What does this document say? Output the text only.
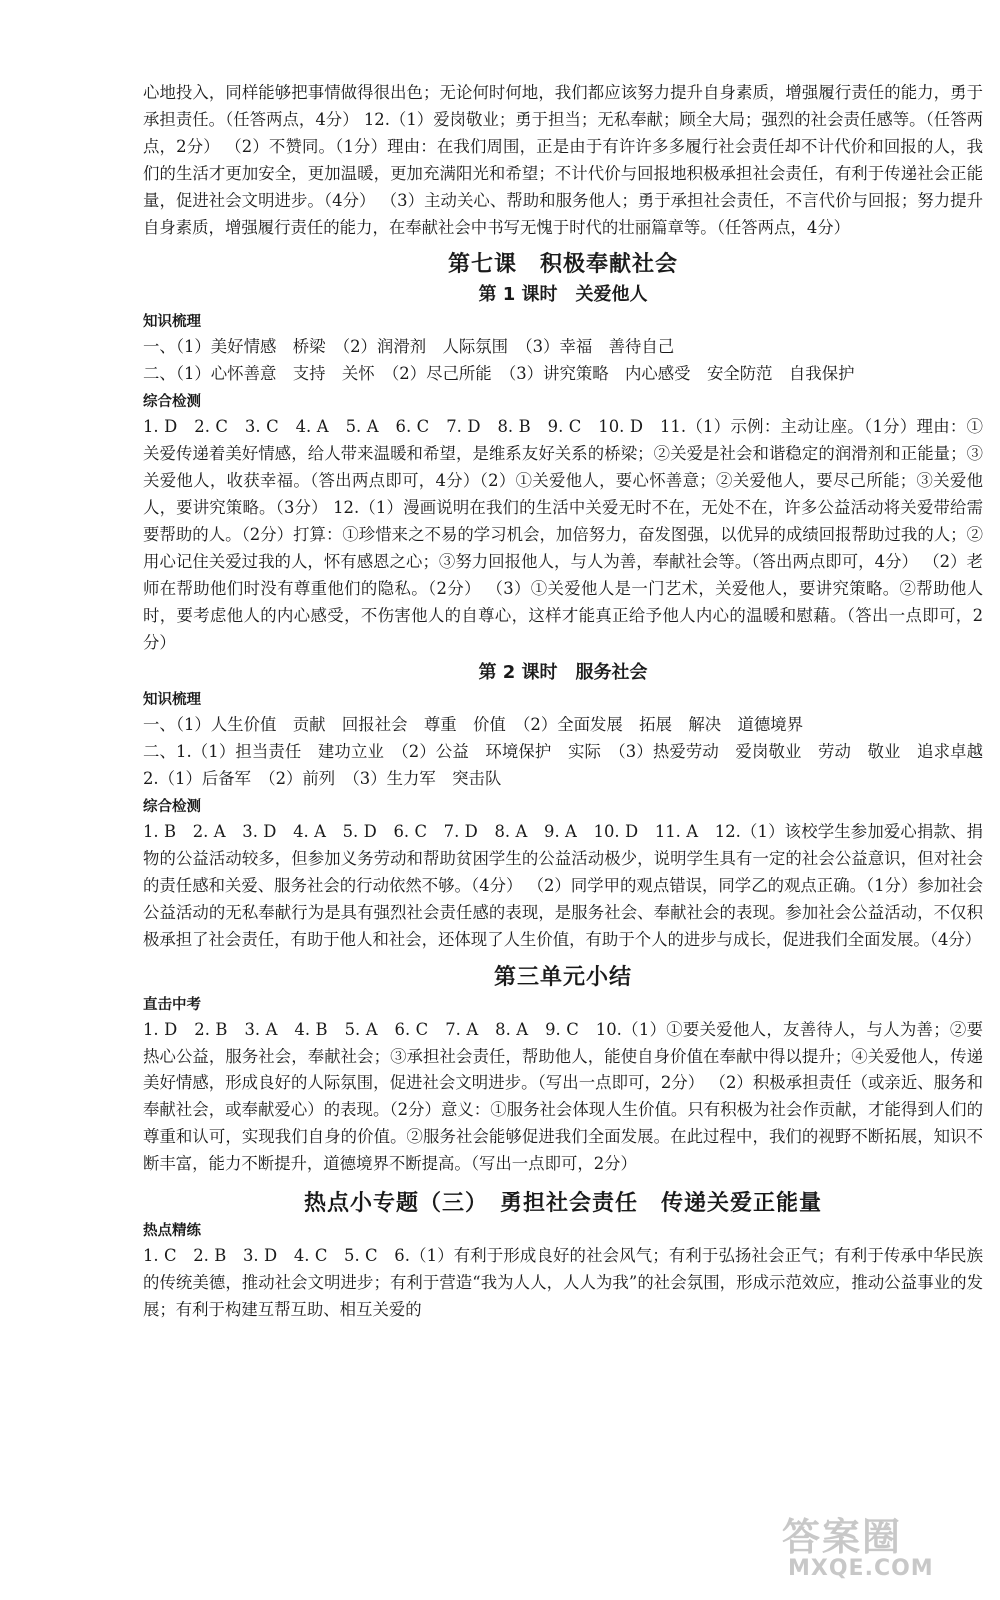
心地投入，同样能够把事情做得很出色；无论何时何地，我们都应该努力提升自身素质，增强履行责任的能力，勇于承担责任。（任答两点，4分） 12.（1）爱岗敬业；勇于担当；无私奉献；顾全大局；强烈的社会责任感等。（任答两点，2分） （2）不赞同。（1分）理由：在我们周围，正是由于有许许多多履行社会责任却不计代价和回报的人，我们的生活才更加安全，更加温暖，更加充满阳光和希望；不计代价与回报地积极承担社会责任，有利于传递社会正能量，促进社会文明进步。（4分） （3）主动关心、帮助和服务他人；勇于承担社会责任，不言代价与回报；努力提升自身素质，增强履行责任的能力，在奉献社会中书写无愧于时代的壮丽篇章等。（任答两点，4分）

第七课　积极奉献社会
第 1 课时　关爱他人
知识梳理

一、（1）美好情感　桥梁　（2）润滑剂　人际氛围　（3）幸福　善待自己

二、（1）心怀善意　支持　关怀　（2）尽己所能　（3）讲究策略　内心感受　安全防范　自我保护

综合检测

1. D　2. C　3. C　4. A　5. A　6. C　7. D　8. B　9. C　10. D　11.（1）示例：主动让座。（1分）理由：①关爱传递着美好情感，给人带来温暖和希望，是维系友好关系的桥梁；②关爱是社会和谐稳定的润滑剂和正能量；③关爱他人，收获幸福。（答出两点即可，4分）（2）①关爱他人，要心怀善意；②关爱他人，要尽己所能；③关爱他人，要讲究策略。（3分） 12.（1）漫画说明在我们的生活中关爱无时不在，无处不在，许多公益活动将关爱带给需要帮助的人。（2分）打算：①珍惜来之不易的学习机会，加倍努力，奋发图强，以优异的成绩回报帮助过我的人；②用心记住关爱过我的人，怀有感恩之心；③努力回报他人，与人为善，奉献社会等。（答出两点即可，4分） （2）老师在帮助他们时没有尊重他们的隐私。（2分） （3）①关爱他人是一门艺术，关爱他人，要讲究策略。②帮助他人时，要考虑他人的内心感受，不伤害他人的自尊心，这样才能真正给予他人内心的温暖和慰藉。（答出一点即可，2分）

第 2 课时　服务社会
知识梳理

一、（1）人生价值　贡献　回报社会　尊重　价值　（2）全面发展　拓展　解决　道德境界

二、1.（1）担当责任　建功立业　（2）公益　环境保护　实际　（3）热爱劳动　爱岗敬业　劳动　敬业　追求卓越　2.（1）后备军　（2）前列　（3）生力军　突击队

综合检测

1. B　2. A　3. D　4. A　5. D　6. C　7. D　8. A　9. A　10. D　11. A　12.（1）该校学生参加爱心捐款、捐物的公益活动较多，但参加义务劳动和帮助贫困学生的公益活动极少，说明学生具有一定的社会公益意识，但对社会的责任感和关爱、服务社会的行动依然不够。（4分） （2）同学甲的观点错误，同学乙的观点正确。（1分）参加社会公益活动的无私奉献行为是具有强烈社会责任感的表现，是服务社会、奉献社会的表现。参加社会公益活动，不仅积极承担了社会责任，有助于他人和社会，还体现了人生价值，有助于个人的进步与成长，促进我们全面发展。（4分）

第三单元小结
直击中考

1. D　2. B　3. A　4. B　5. A　6. C　7. A　8. A　9. C　10.（1）①要关爱他人，友善待人，与人为善；②要热心公益，服务社会，奉献社会；③承担社会责任，帮助他人，能使自身价值在奉献中得以提升；④关爱他人，传递美好情感，形成良好的人际氛围，促进社会文明进步。（写出一点即可，2分） （2）积极承担责任（或亲近、服务和奉献社会，或奉献爱心）的表现。（2分）意义：①服务社会体现人生价值。只有积极为社会作贡献，才能得到人们的尊重和认可，实现我们自身的价值。②服务社会能够促进我们全面发展。在此过程中，我们的视野不断拓展，知识不断丰富，能力不断提升，道德境界不断提高。（写出一点即可，2分）

热点小专题（三）　勇担社会责任　传递关爱正能量
热点精练

1. C　2. B　3. D　4. C　5. C　6.（1）有利于形成良好的社会风气；有利于弘扬社会正气；有利于传承中华民族的传统美德，推动社会文明进步；有利于营造“我为人人，人人为我”的社会氛围，形成示范效应，推动公益事业的发展；有利于构建互帮互助、相互关爱的

答案圈
MXQE.COM
